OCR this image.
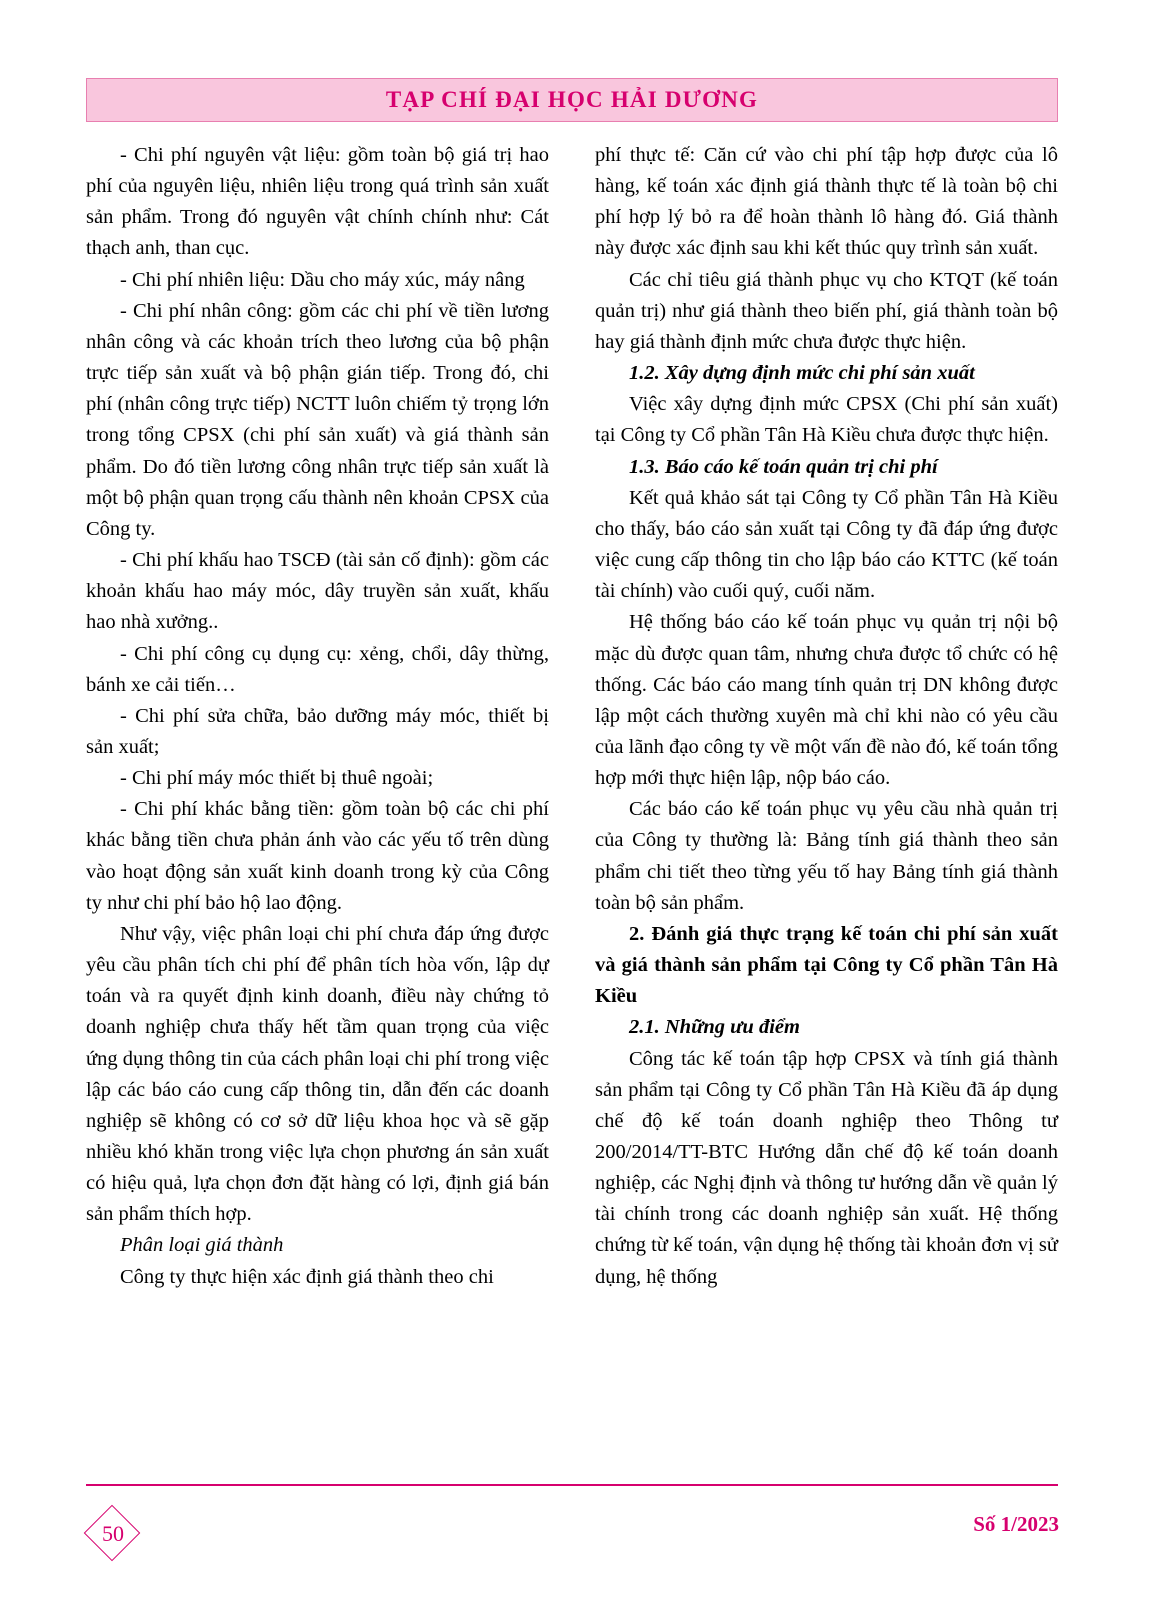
TẠP CHÍ ĐẠI HỌC HẢI DƯƠNG

- Chi phí nguyên vật liệu: gồm toàn bộ giá trị hao phí của nguyên liệu, nhiên liệu trong quá trình sản xuất sản phẩm. Trong đó nguyên vật chính chính như: Cát thạch anh, than cục.

- Chi phí nhiên liệu: Dầu cho máy xúc, máy nâng

- Chi phí nhân công: gồm các chi phí về tiền lương nhân công và các khoản trích theo lương của bộ phận trực tiếp sản xuất và bộ phận gián tiếp. Trong đó, chi phí (nhân công trực tiếp) NCTT luôn chiếm tỷ trọng lớn trong tổng CPSX (chi phí sản xuất) và giá thành sản phẩm. Do đó tiền lương công nhân trực tiếp sản xuất là một bộ phận quan trọng cấu thành nên khoản CPSX của Công ty.

- Chi phí khấu hao TSCĐ (tài sản cố định): gồm các khoản khấu hao máy móc, dây truyền sản xuất, khấu hao nhà xưởng..

- Chi phí công cụ dụng cụ: xẻng, chổi, dây thừng, bánh xe cải tiến…

- Chi phí sửa chữa, bảo dưỡng máy móc, thiết bị sản xuất;

- Chi phí máy móc thiết bị thuê ngoài;

- Chi phí khác bằng tiền: gồm toàn bộ các chi phí khác bằng tiền chưa phản ánh vào các yếu tố trên dùng vào hoạt động sản xuất kinh doanh trong kỳ của Công ty như chi phí bảo hộ lao động.

Như vậy, việc phân loại chi phí chưa đáp ứng được yêu cầu phân tích chi phí để phân tích hòa vốn, lập dự toán và ra quyết định kinh doanh, điều này chứng tỏ doanh nghiệp chưa thấy hết tầm quan trọng của việc ứng dụng thông tin của cách phân loại chi phí trong việc lập các báo cáo cung cấp thông tin, dẫn đến các doanh nghiệp sẽ không có cơ sở dữ liệu khoa học và sẽ gặp nhiều khó khăn trong việc lựa chọn phương án sản xuất có hiệu quả, lựa chọn đơn đặt hàng có lợi, định giá bán sản phẩm thích hợp.

Phân loại giá thành

Công ty thực hiện xác định giá thành theo chi

phí thực tế: Căn cứ vào chi phí tập hợp được của lô hàng, kế toán xác định giá thành thực tế là toàn bộ chi phí hợp lý bỏ ra để hoàn thành lô hàng đó. Giá thành này được xác định sau khi kết thúc quy trình sản xuất.

Các chỉ tiêu giá thành phục vụ cho KTQT (kế toán quản trị) như giá thành theo biến phí, giá thành toàn bộ hay giá thành định mức chưa được thực hiện.

1.2. Xây dựng định mức chi phí sản xuất

Việc xây dựng định mức CPSX (Chi phí sản xuất) tại Công ty Cổ phần Tân Hà Kiều chưa được thực hiện.

1.3. Báo cáo kế toán quản trị chi phí

Kết quả khảo sát tại Công ty Cổ phần Tân Hà Kiều cho thấy, báo cáo sản xuất tại Công ty đã đáp ứng được việc cung cấp thông tin cho lập báo cáo KTTC (kế toán tài chính) vào cuối quý, cuối năm.

Hệ thống báo cáo kế toán phục vụ quản trị nội bộ mặc dù được quan tâm, nhưng chưa được tổ chức có hệ thống. Các báo cáo mang tính quản trị DN không được lập một cách thường xuyên mà chỉ khi nào có yêu cầu của lãnh đạo công ty về một vấn đề nào đó, kế toán tổng hợp mới thực hiện lập, nộp báo cáo.

Các báo cáo kế toán phục vụ yêu cầu nhà quản trị của Công ty thường là: Bảng tính giá thành theo sản phẩm chi tiết theo từng yếu tố hay Bảng tính giá thành toàn bộ sản phẩm.

2. Đánh giá thực trạng kế toán chi phí sản xuất và giá thành sản phẩm tại Công ty Cổ phần Tân Hà Kiều

2.1. Những ưu điểm

Công tác kế toán tập hợp CPSX và tính giá thành sản phẩm tại Công ty Cổ phần Tân Hà Kiều đã áp dụng chế độ kế toán doanh nghiệp theo Thông tư 200/2014/TT-BTC Hướng dẫn chế độ kế toán doanh nghiệp, các Nghị định và thông tư hướng dẫn về quản lý tài chính trong các doanh nghiệp sản xuất. Hệ thống chứng từ kế toán, vận dụng hệ thống tài khoản đơn vị sử dụng, hệ thống

50	Số 1/2023
